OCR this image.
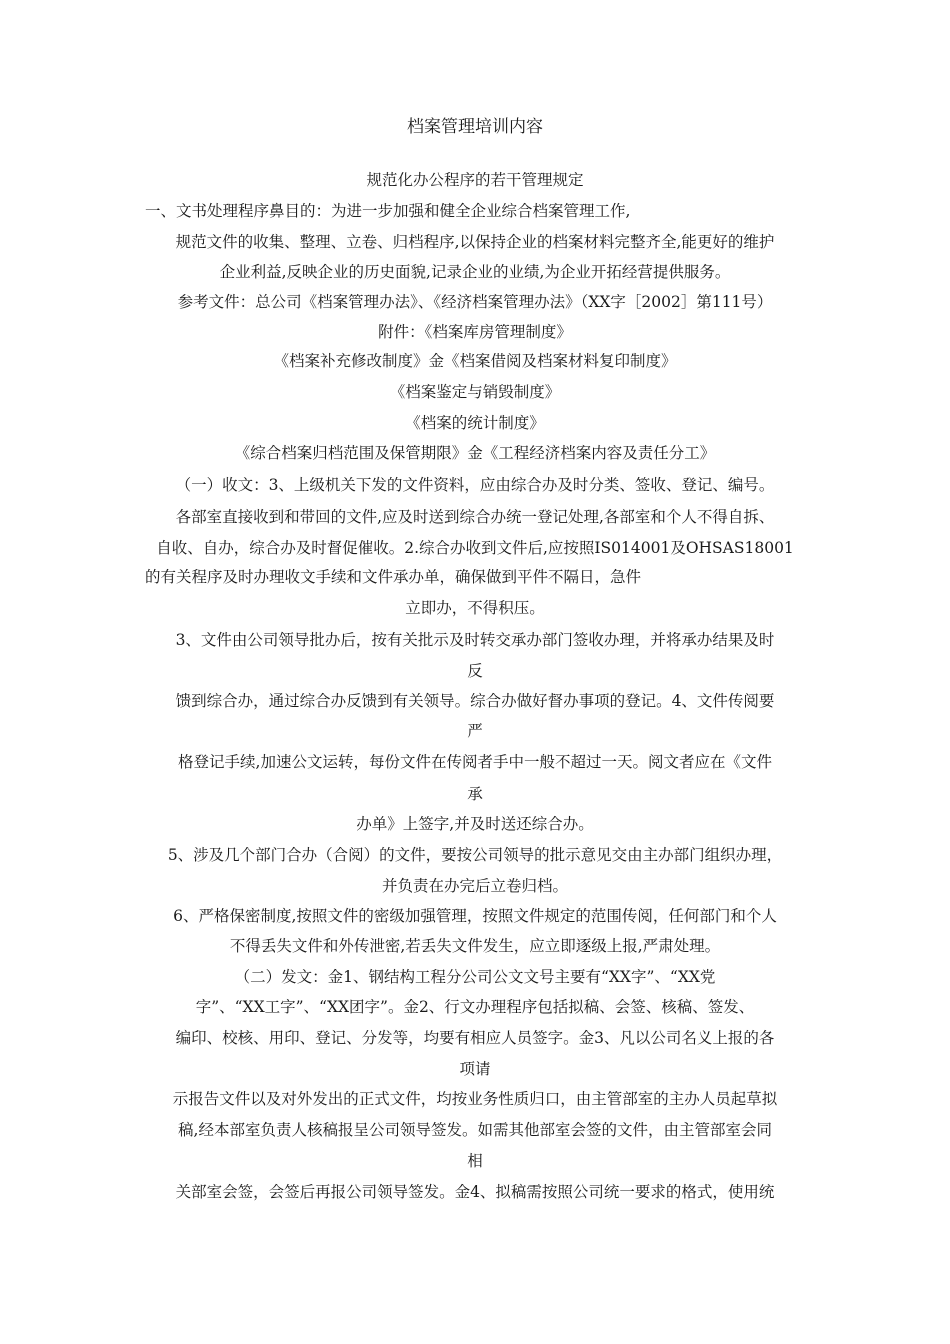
档案管理培训内容
规范化办公程序的若干管理规定
一、文书处理程序鼻目的：为进一步加强和健全企业综合档案管理工作,
规范文件的收集、整理、立卷、归档程序,以保持企业的档案材料完整齐全,能更好的维护
企业利益,反映企业的历史面貌,记录企业的业绩,为企业开拓经营提供服务。
参考文件：总公司《档案管理办法》、《经济档案管理办法》（XX字［2002］第111号）
附件：《档案库房管理制度》
《档案补充修改制度》金《档案借阅及档案材料复印制度》
《档案鉴定与销毁制度》
《档案的统计制度》
《综合档案归档范围及保管期限》金《工程经济档案内容及责任分工》
（一）收文：3、上级机关下发的文件资料，应由综合办及时分类、签收、登记、编号。
各部室直接收到和带回的文件,应及时送到综合办统一登记处理,各部室和个人不得自拆、
自收、自办，综合办及时督促催收。2.综合办收到文件后,应按照IS014001及OHSAS18001
的有关程序及时办理收文手续和文件承办单，确保做到平件不隔日，急件
立即办，不得积压。
3、文件由公司领导批办后，按有关批示及时转交承办部门签收办理，并将承办结果及时
反
馈到综合办，通过综合办反馈到有关领导。综合办做好督办事项的登记。4、文件传阅要
严
格登记手续,加速公文运转，每份文件在传阅者手中一般不超过一天。阅文者应在《文件
承
办单》上签字,并及时送还综合办。
5、涉及几个部门合办（合阅）的文件，要按公司领导的批示意见交由主办部门组织办理，
并负责在办完后立卷归档。
6、严格保密制度,按照文件的密级加强管理，按照文件规定的范围传阅，任何部门和个人
不得丢失文件和外传泄密,若丢失文件发生，应立即逐级上报,严肃处理。
（二）发文：金1、钢结构工程分公司公文文号主要有“XX字”、“XX党
字”、“XX工字”、“XX团字”。金2、行文办理程序包括拟稿、会签、核稿、签发、
编印、校核、用印、登记、分发等，均要有相应人员签字。金3、凡以公司名义上报的各
项请
示报告文件以及对外发出的正式文件，均按业务性质归口，由主管部室的主办人员起草拟
稿,经本部室负责人核稿报呈公司领导签发。如需其他部室会签的文件，由主管部室会同
相
关部室会签，会签后再报公司领导签发。金4、拟稿需按照公司统一要求的格式，使用统
